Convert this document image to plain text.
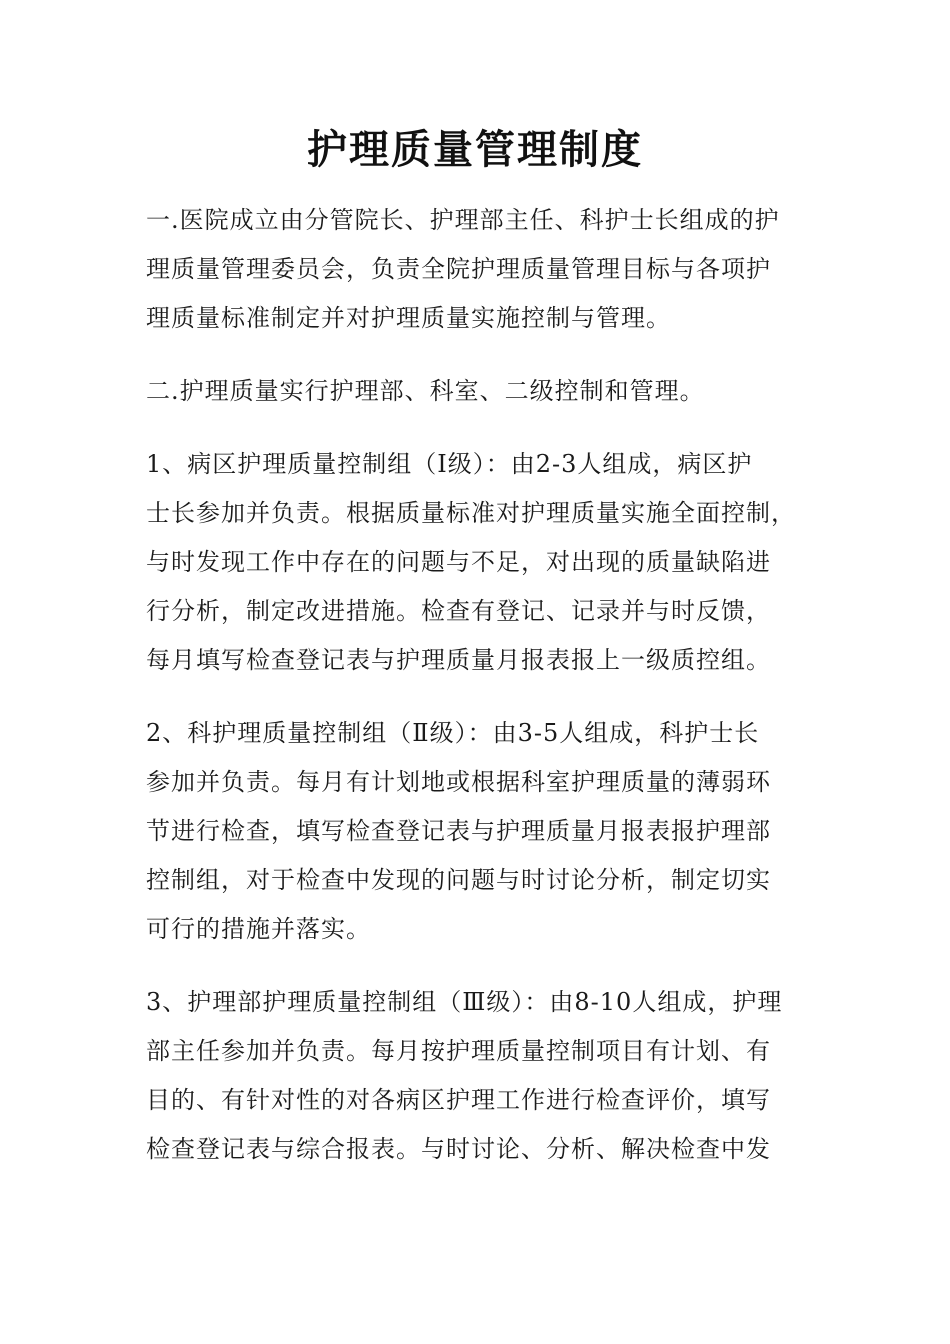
护理质量管理制度

一.医院成立由分管院长、护理部主任、科护士长组成的护
理质量管理委员会，负责全院护理质量管理目标与各项护
理质量标准制定并对护理质量实施控制与管理。

二.护理质量实行护理部、科室、二级控制和管理。

1、病区护理质量控制组（Ⅰ级）：由2-3人组成，病区护
士长参加并负责。根据质量标准对护理质量实施全面控制，
与时发现工作中存在的问题与不足，对出现的质量缺陷进
行分析，制定改进措施。检查有登记、记录并与时反馈，
每月填写检查登记表与护理质量月报表报上一级质控组。

2、科护理质量控制组（Ⅱ级）：由3-5人组成，科护士长
参加并负责。每月有计划地或根据科室护理质量的薄弱环
节进行检查，填写检查登记表与护理质量月报表报护理部
控制组，对于检查中发现的问题与时讨论分析，制定切实
可行的措施并落实。

3、护理部护理质量控制组（Ⅲ级）：由8-10人组成，护理
部主任参加并负责。每月按护理质量控制项目有计划、有
目的、有针对性的对各病区护理工作进行检查评价，填写
检查登记表与综合报表。与时讨论、分析、解决检查中发
